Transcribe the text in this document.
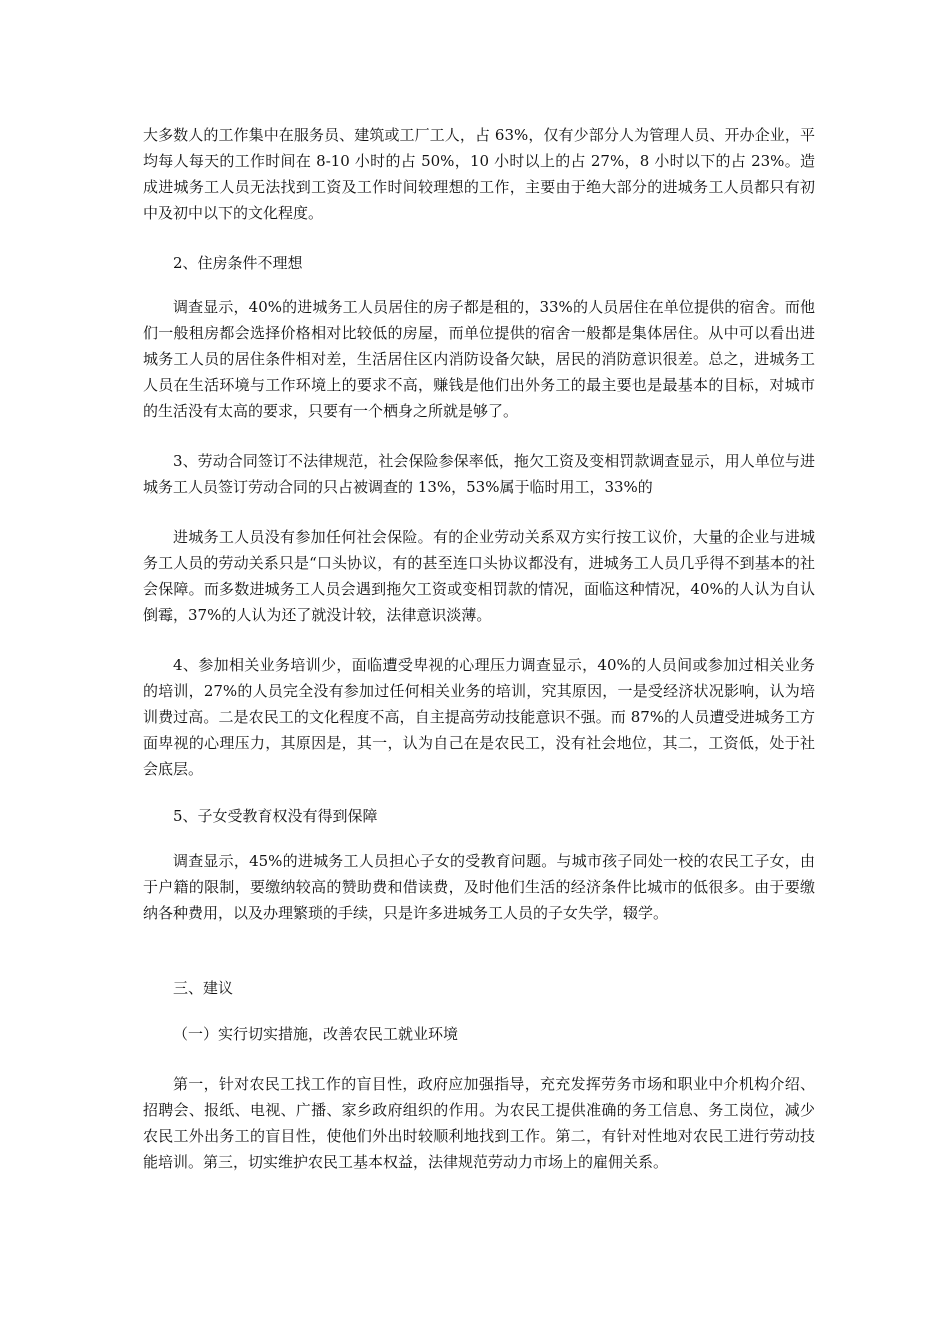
大多数人的工作集中在服务员、建筑或工厂工人，占 63%，仅有少部分人为管理人员、开办企业，平均每人每天的工作时间在 8-10 小时的占 50%，10 小时以上的占 27%，8 小时以下的占 23%。造成进城务工人员无法找到工资及工作时间较理想的工作，主要由于绝大部分的进城务工人员都只有初中及初中以下的文化程度。

2、住房条件不理想

调查显示，40%的进城务工人员居住的房子都是租的，33%的人员居住在单位提供的宿舍。而他们一般租房都会选择价格相对比较低的房屋，而单位提供的宿舍一般都是集体居住。从中可以看出进城务工人员的居住条件相对差，生活居住区内消防设备欠缺，居民的消防意识很差。总之，进城务工人员在生活环境与工作环境上的要求不高，赚钱是他们出外务工的最主要也是最基本的目标，对城市的生活没有太高的要求，只要有一个栖身之所就是够了。

3、劳动合同签订不法律规范，社会保险参保率低，拖欠工资及变相罚款调查显示，用人单位与进城务工人员签订劳动合同的只占被调查的 13%，53%属于临时用工，33%的

进城务工人员没有参加任何社会保险。有的企业劳动关系双方实行按工议价，大量的企业与进城务工人员的劳动关系只是“口头协议，有的甚至连口头协议都没有，进城务工人员几乎得不到基本的社会保障。而多数进城务工人员会遇到拖欠工资或变相罚款的情况，面临这种情况，40%的人认为自认倒霉，37%的人认为还了就没计较，法律意识淡薄。

4、参加相关业务培训少，面临遭受卑视的心理压力调查显示，40%的人员间或参加过相关业务的培训，27%的人员完全没有参加过任何相关业务的培训，究其原因，一是受经济状况影响，认为培训费过高。二是农民工的文化程度不高，自主提高劳动技能意识不强。而 87%的人员遭受进城务工方面卑视的心理压力，其原因是，其一，认为自己在是农民工，没有社会地位，其二，工资低，处于社会底层。

5、子女受教育权没有得到保障

调查显示，45%的进城务工人员担心子女的受教育问题。与城市孩子同处一校的农民工子女，由于户籍的限制，要缴纳较高的赞助费和借读费，及时他们生活的经济条件比城市的低很多。由于要缴纳各种费用，以及办理繁琐的手续，只是许多进城务工人员的子女失学，辍学。

三、建议

（一）实行切实措施，改善农民工就业环境

第一，针对农民工找工作的盲目性，政府应加强指导，充充发挥劳务市场和职业中介机构介绍、招聘会、报纸、电视、广播、家乡政府组织的作用。为农民工提供准确的务工信息、务工岗位，减少农民工外出务工的盲目性，使他们外出时较顺利地找到工作。第二，有针对性地对农民工进行劳动技能培训。第三，切实维护农民工基本权益，法律规范劳动力市场上的雇佣关系。
